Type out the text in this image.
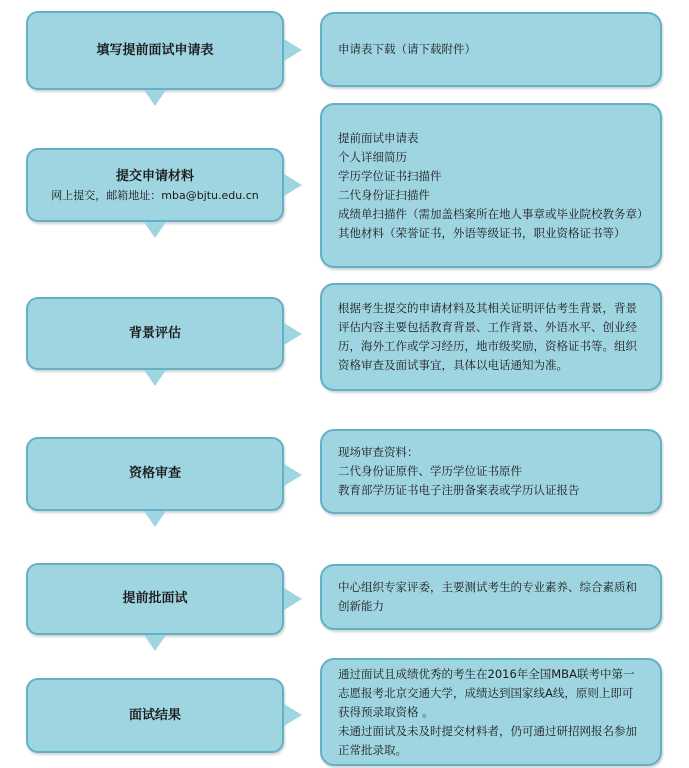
填写提前面试申请表	申请表下载（请下载附件）
提交申请材料
网上提交，邮箱地址：mba@bjtu.edu.cn
提前面试申请表
个人详细简历
学历学位证书扫描件
二代身份证扫描件
成绩单扫描件（需加盖档案所在地人事章或毕业院校教务章）
其他材料（荣誉证书，外语等级证书，职业资格证书等）
背景评估
根据考生提交的申请材料及其相关证明评估考生背景，背景评估内容主要包括教育背景、工作背景、外语水平、创业经历，海外工作或学习经历，地市级奖励，资格证书等。组织资格审查及面试事宜，具体以电话通知为准。
资格审查
现场审查资料：
二代身份证原件、学历学位证书原件
教育部学历证书电子注册备案表或学历认证报告
提前批面试
中心组织专家评委，主要测试考生的专业素养、综合素质和创新能力
面试结果
通过面试且成绩优秀的考生在2016年全国MBA联考中第一志愿报考北京交通大学，成绩达到国家线A线，原则上即可获得预录取资格 。
未通过面试及未及时提交材料者，仍可通过研招网报名参加正常批录取。
